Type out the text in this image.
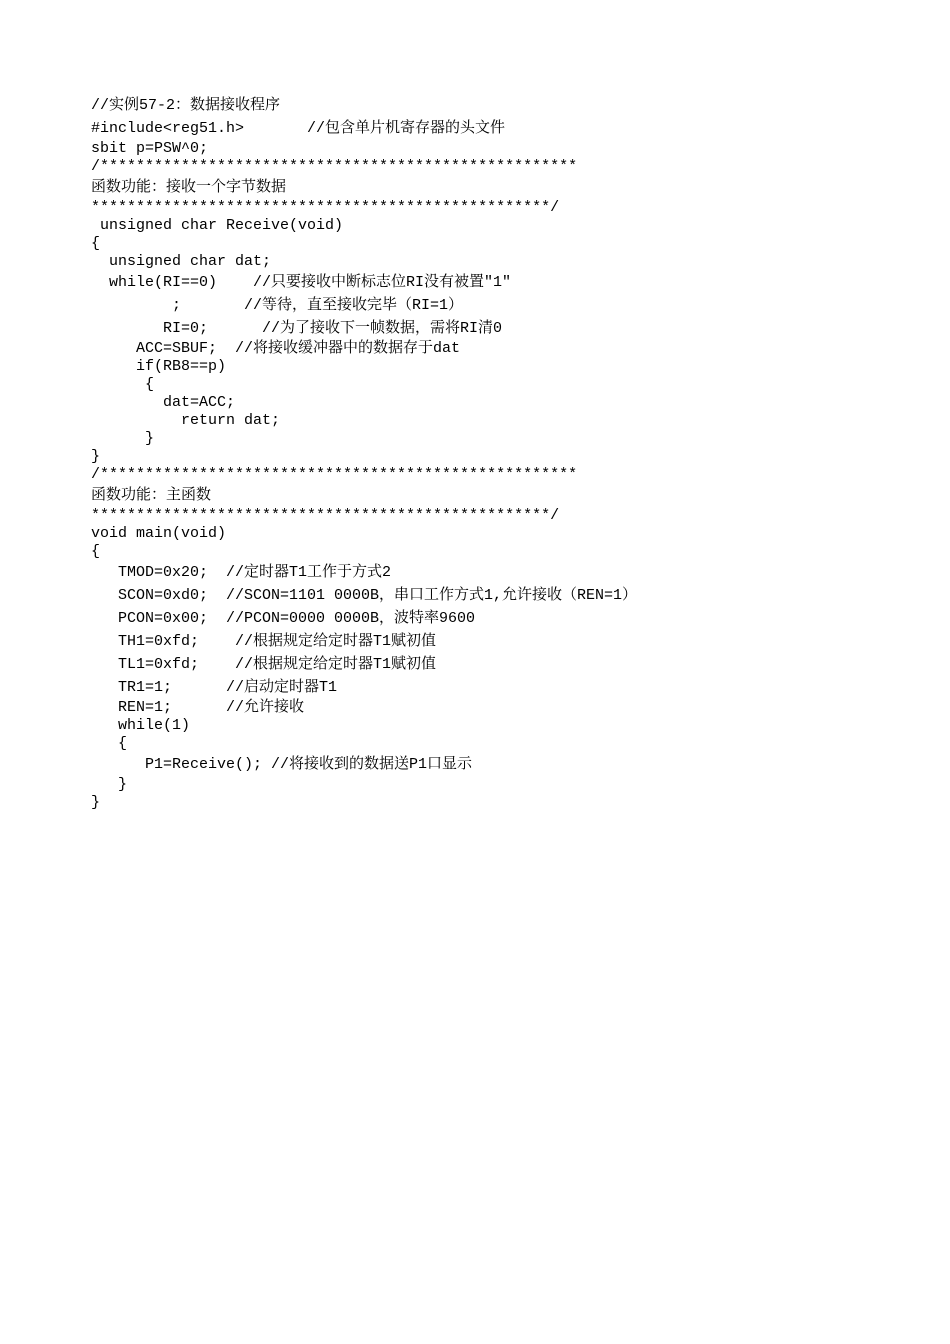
//实例57-2：数据接收程序
#include<reg51.h>       //包含单片机寄存器的头文件
sbit p=PSW^0;
/*****************************************************
函数功能：接收一个字节数据
***************************************************/
unsigned char Receive(void)
{
unsigned char dat;
while(RI==0)    //只要接收中断标志位RI没有被置"1"
;       //等待，直至接收完毕（RI=1）
RI=0;      //为了接收下一帧数据，需将RI清0
ACC=SBUF;  //将接收缓冲器中的数据存于dat
if(RB8==p)
{
dat=ACC;
return dat;
}
}
/*****************************************************
函数功能：主函数
***************************************************/
void main(void)
{
TMOD=0x20;  //定时器T1工作于方式2
SCON=0xd0;  //SCON=1101 0000B，串口工作方式1,允许接收（REN=1）
PCON=0x00;  //PCON=0000 0000B，波特率9600
TH1=0xfd;    //根据规定给定时器T1赋初值
TL1=0xfd;    //根据规定给定时器T1赋初值
TR1=1;      //启动定时器T1
REN=1;      //允许接收
while(1)
{
P1=Receive(); //将接收到的数据送P1口显示
}
}
